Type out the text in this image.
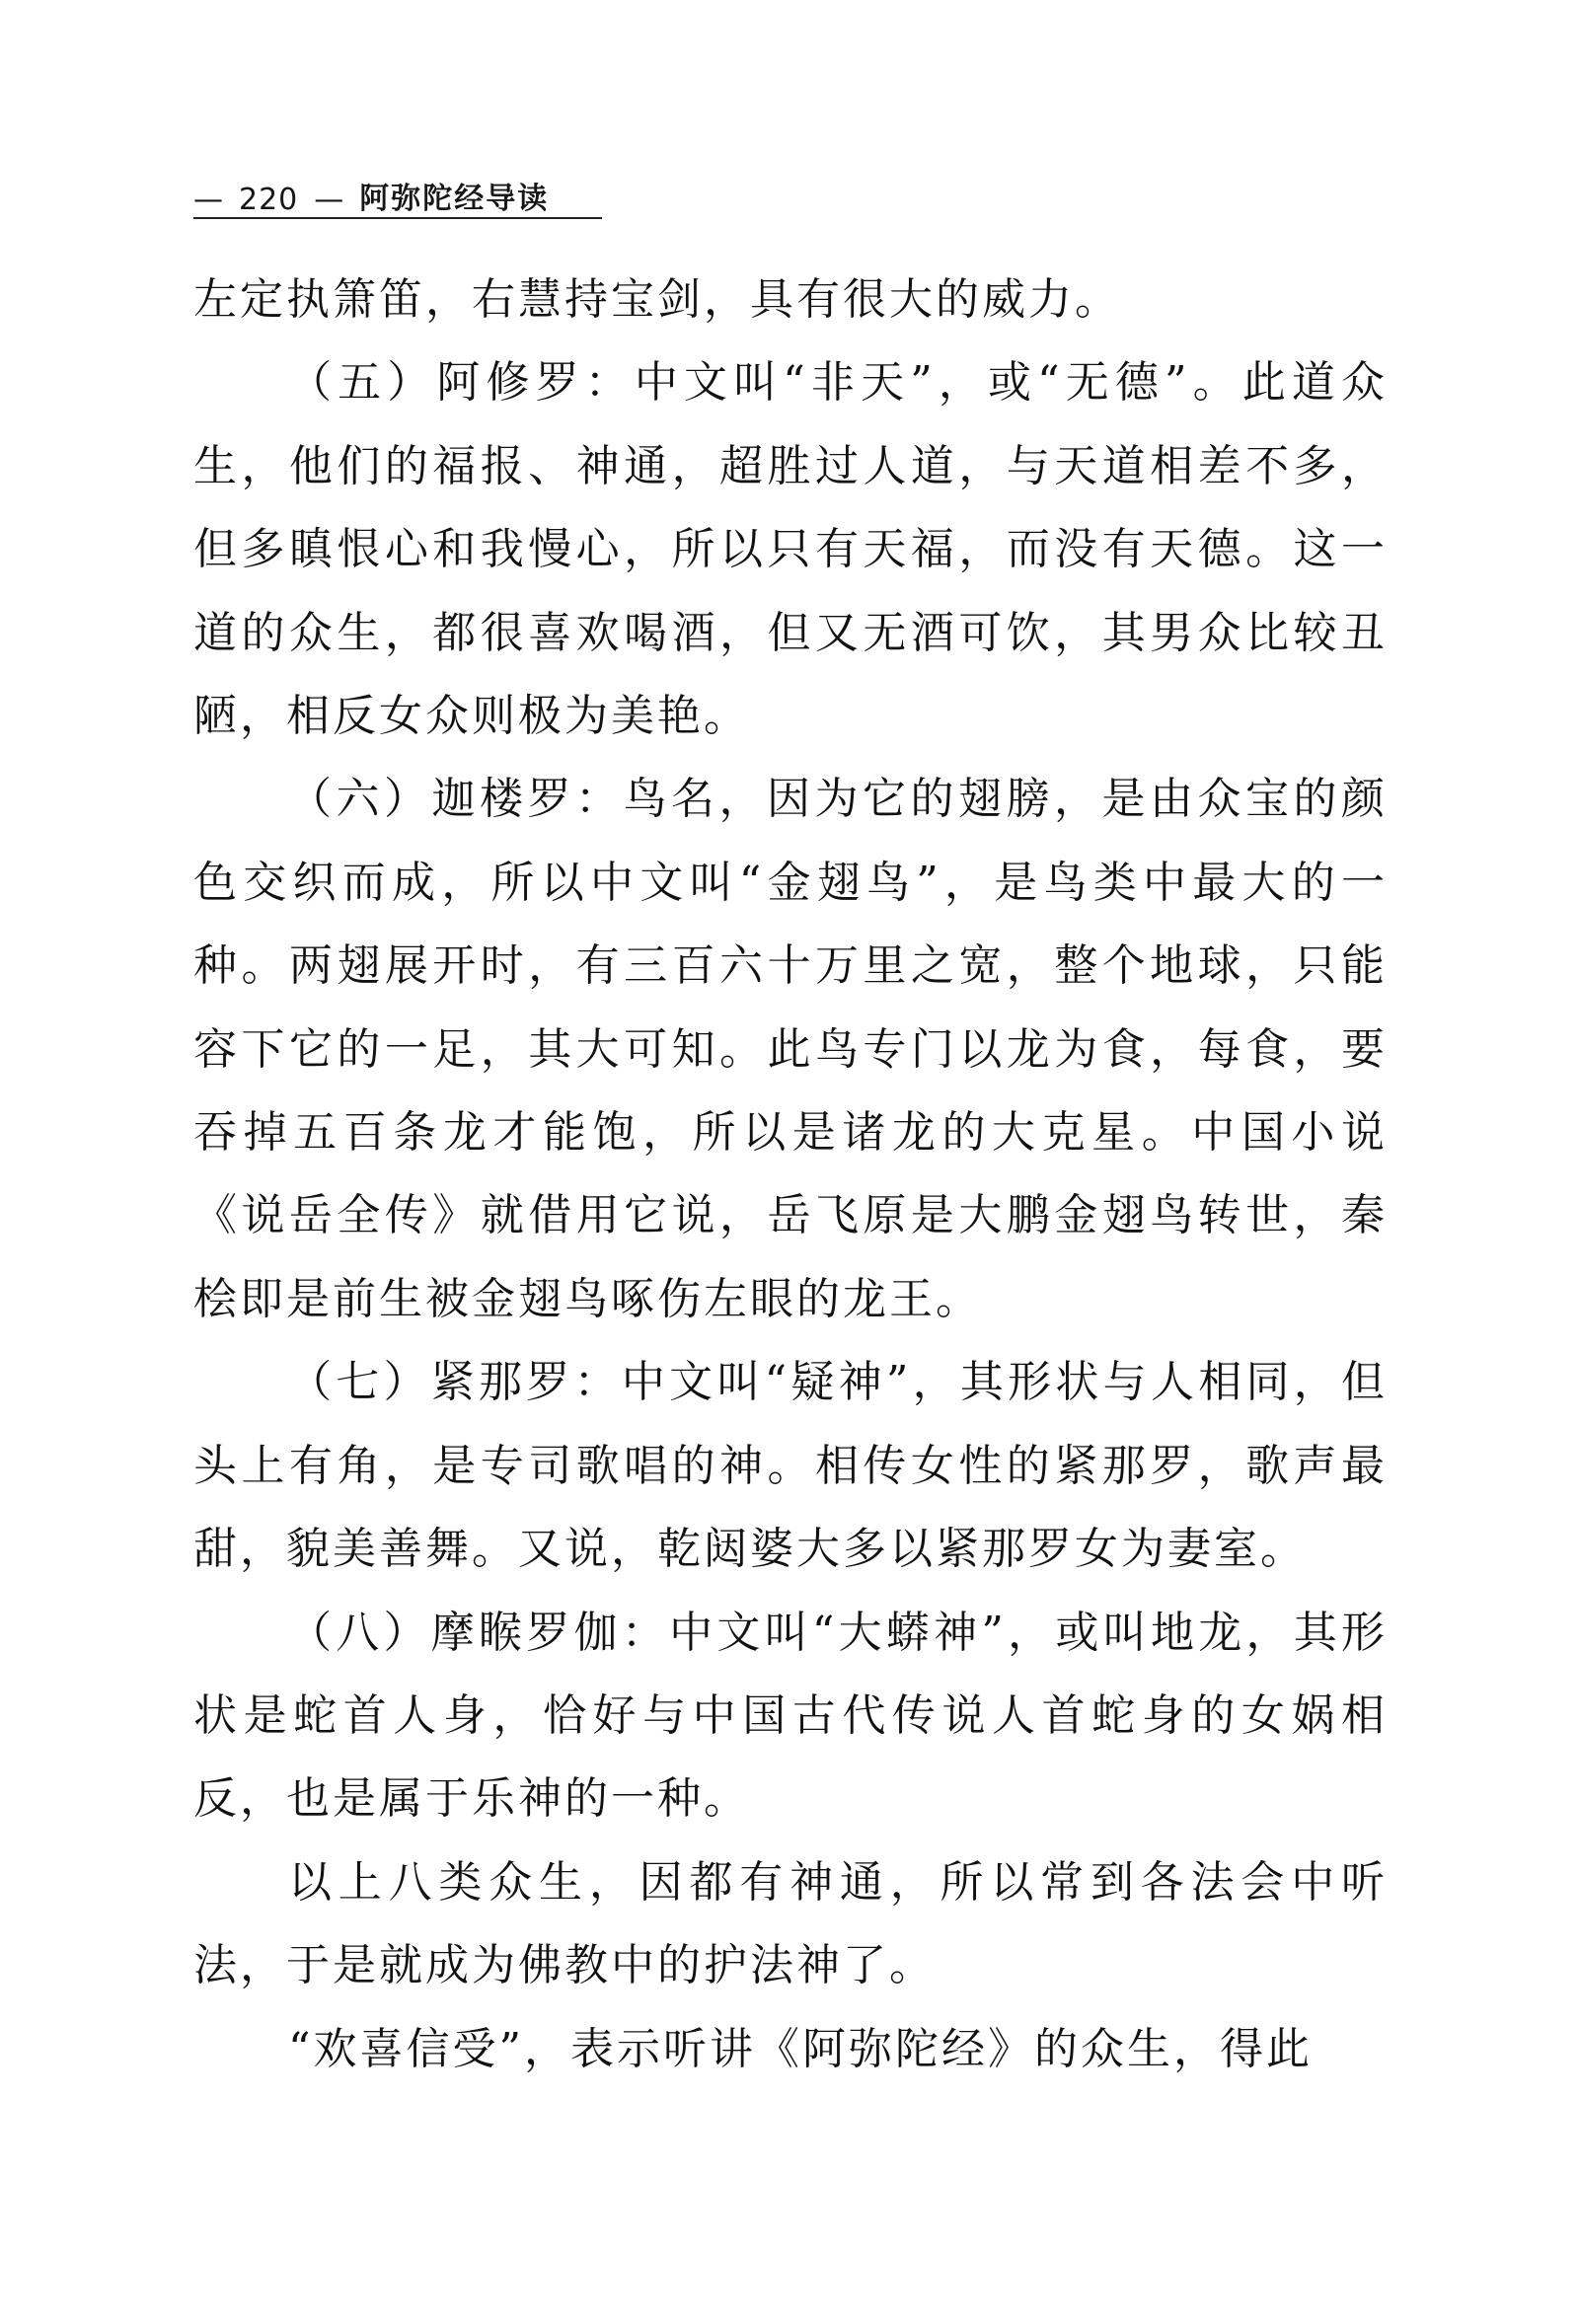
— 220 — 阿弥陀经导读

左定执箫笛，右慧持宝剑，具有很大的威力。

（五）阿修罗：中文叫“非天”，或“无德”。此道众生，他们的福报、神通，超胜过人道，与天道相差不多，但多瞋恨心和我慢心，所以只有天福，而没有天德。这一道的众生，都很喜欢喝酒，但又无酒可饮，其男众比较丑陋，相反女众则极为美艳。

（六）迦楼罗：鸟名，因为它的翅膀，是由众宝的颜色交织而成，所以中文叫“金翅鸟”，是鸟类中最大的一种。两翅展开时，有三百六十万里之宽，整个地球，只能容下它的一足，其大可知。此鸟专门以龙为食，每食，要吞掉五百条龙才能饱，所以是诸龙的大克星。中国小说《说岳全传》就借用它说，岳飞原是大鹏金翅鸟转世，秦桧即是前生被金翅鸟啄伤左眼的龙王。

（七）紧那罗：中文叫“疑神”，其形状与人相同，但头上有角，是专司歌唱的神。相传女性的紧那罗，歌声最甜，貌美善舞。又说，乾闼婆大多以紧那罗女为妻室。

（八）摩睺罗伽：中文叫“大蟒神”，或叫地龙，其形状是蛇首人身，恰好与中国古代传说人首蛇身的女娲相反，也是属于乐神的一种。

以上八类众生，因都有神通，所以常到各法会中听法，于是就成为佛教中的护法神了。

“欢喜信受”，表示听讲《阿弥陀经》的众生，得此
